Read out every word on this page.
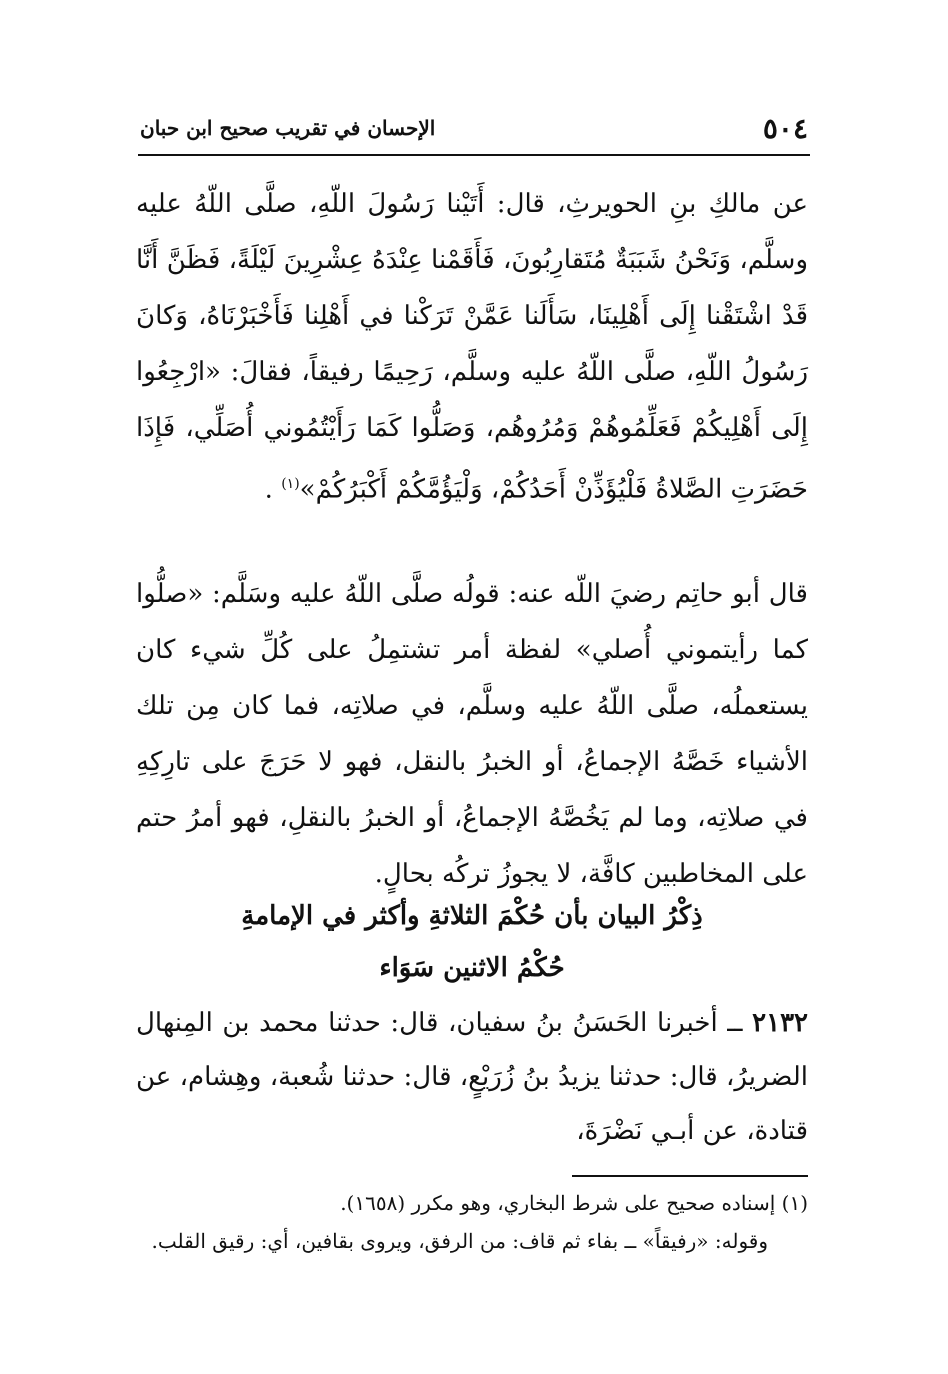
٥٠٤
الإحسان في تقريب صحيح ابن حبان
عن مالكِ بنِ الحويرثِ، قال: أَتَيْنا رَسُولَ اللّهِ، صلَّى اللّهُ عليه وسلَّم، وَنَحْنُ شَبَبَةٌ مُتَقارِبُونَ، فَأَقَمْنا عِنْدَهُ عِشْرِينَ لَيْلَةً، فَظَنَّ أَنَّا قَدْ اشْتَقْنا إِلَى أَهْلِينَا، سَأَلَنا عَمَّنْ تَرَكْنا في أَهْلِنا فَأَخْبَرْنَاهُ، وَكانَ رَسُولُ اللّهِ، صلَّى اللّهُ عليه وسلَّم، رَحِيمًا رفيقاً، فقالَ: «ارْجِعُوا إِلَى أَهْلِيكُمْ فَعَلِّمُوهُمْ وَمُرُوهُم، وَصَلُّوا كَمَا رَأَيْتُمُوني أُصَلِّي، فَإِذَا حَضَرَتِ الصَّلاةُ فَلْيُؤَذِّنْ أَحَدُكُمْ، وَلْيَؤُمَّكُمْ أَكْبَرُكُمْ»$^{(١)}$ .
قال أبو حاتِم رضيَ اللّه عنه: قولُه صلَّى اللّهُ عليه وسَلَّم: «صلُّوا كما رأيتموني أُصلي» لفظة أمر تشتمِلُ على كُلِّ شيء كان يستعملُه، صلَّى اللّهُ عليه وسلَّم، في صلاتِه، فما كان مِن تلك الأشياء خَصَّهُ الإجماعُ، أو الخبرُ بالنقل، فهو لا حَرَجَ على تارِكِهِ في صلاتِه، وما لم يَخُصَّهُ الإجماعُ، أو الخبرُ بالنقلِ، فهو أمرُ حتم على المخاطبين كافَّة، لا يجوزُ تركُه بحالٍ.
ذِكْرُ البيان بأن حُكْمَ الثلاثةِ وأكثر في الإمامةِ
حُكْمُ الاثنين سَوَاء
٢١٣٢ ــ أخبرنا الحَسَنُ بنُ سفيان، قال: حدثنا محمد بن المِنهال الضريرُ، قال: حدثنا يزيدُ بنُ زُرَيْعٍ، قال: حدثنا شُعبة، وهِشام، عن قتادة، عن أبـي نَضْرَةَ،
(١) إسناده صحيح على شرط البخاري، وهو مكرر (١٦٥٨).
وقوله: «رفيقاً» ــ بفاء ثم قاف: من الرفق، ويروى بقافين، أي: رقيق القلب.
